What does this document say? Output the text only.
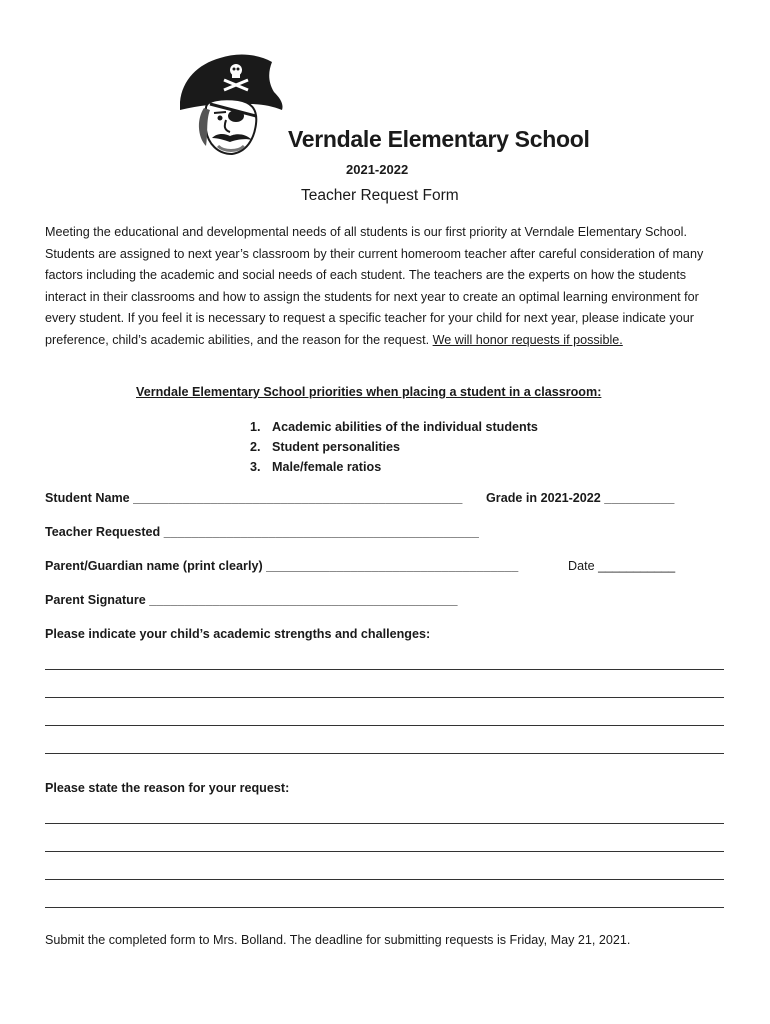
Verndale Elementary School
2021-2022
Teacher Request Form
Meeting the educational and developmental needs of all students is our first priority at Verndale Elementary School. Students are assigned to next year’s classroom by their current homeroom teacher after careful consideration of many factors including the academic and social needs of each student. The teachers are the experts on how the students interact in their classrooms and how to assign the students for next year to create an optimal learning environment for every student. If you feel it is necessary to request a specific teacher for your child for next year, please indicate your preference, child’s academic abilities, and the reason for the request. We will honor requests if possible.
Verndale Elementary School priorities when placing a student in a classroom:
1. Academic abilities of the individual students
2. Student personalities
3. Male/female ratios
Student Name _______________________________________________ Grade in 2021-2022 __________
Teacher Requested _____________________________________________
Parent/Guardian name (print clearly) ____________________________________	Date ___________
Parent Signature ____________________________________________
Please indicate your child’s academic strengths and challenges:
Please state the reason for your request:
Submit the completed form to Mrs. Bolland. The deadline for submitting requests is Friday, May 21, 2021.
